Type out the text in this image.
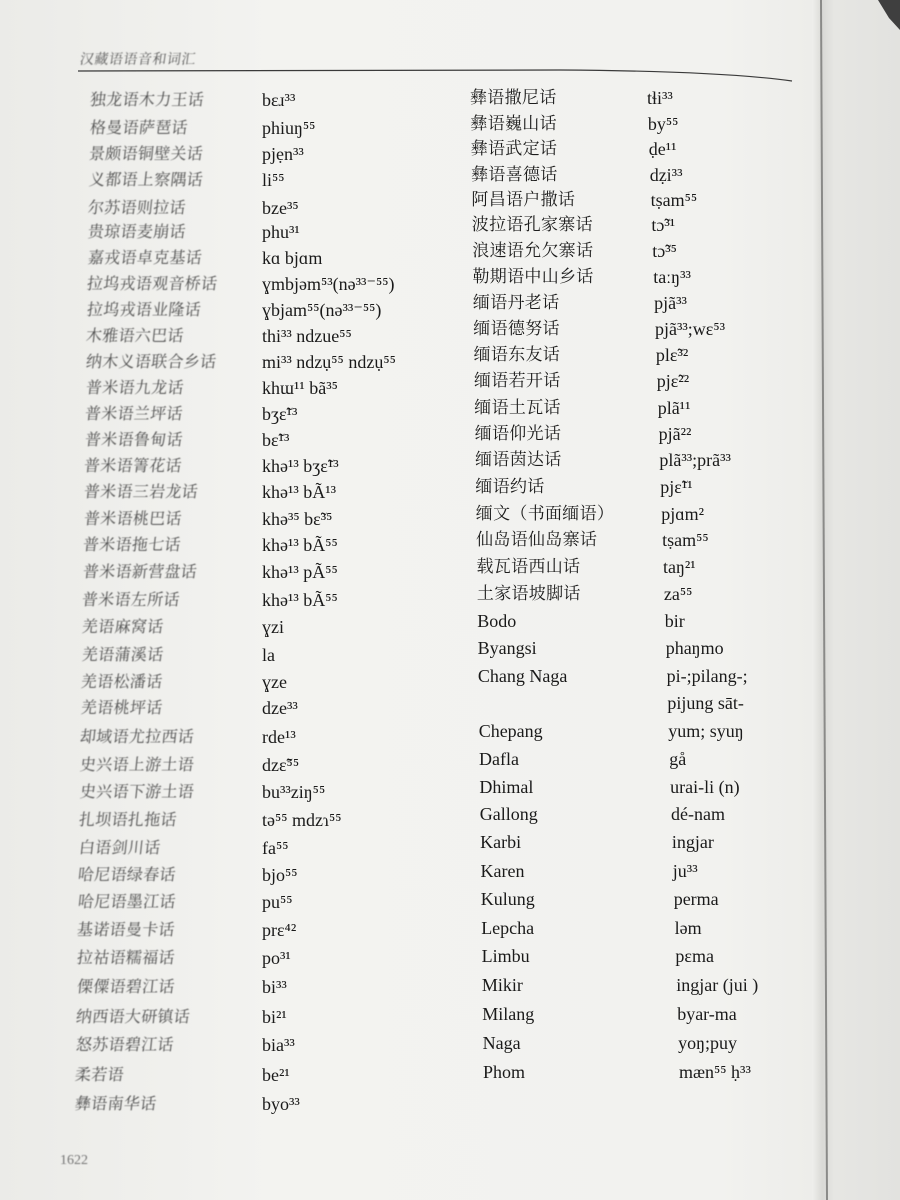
汉藏语语音和词汇
独龙语木力王话	bɛɹ³³
格曼语萨琶话	phiuŋ⁵⁵
景颇语铜壁关话	pjẹn³³
义都语上察隅话	li⁵⁵
尔苏语则拉话	bze³⁵
贵琼语麦崩话	phu³¹
嘉戎语卓克基话	kɑ bjɑm
拉坞戎语观音桥话 ɣmbjəm⁵³(nə³³⁻⁵⁵)
拉坞戎语业隆话	ɣbjam⁵⁵(nə³³⁻⁵⁵)
木雅语六巴话	thi³³ ndzue⁵⁵
纳木义语联合乡话 mi³³ ndzụ⁵⁵ ndzụ⁵⁵
普米语九龙话	khɯ¹¹ bã³⁵
普米语兰坪话	bʒɛ̃¹³
普米语鲁甸话	bɛ̃¹³
普米语箐花话	khə¹³ bʒɛ̃¹³
普米语三岩龙话	khə¹³ bÃ¹³
普米语桃巴话	khə³⁵ bɛ̃³⁵
普米语拖七话	khə¹³ bÃ⁵⁵
普米语新营盘话	khə¹³ pÃ⁵⁵
普米语左所话	khə¹³ bÃ⁵⁵
羌语麻窝话	ɣzi
羌语蒲溪话	la
羌语松潘话	ɣze
羌语桃坪话	dze³³
却域语尤拉西话	rde¹³
史兴语上游土语	dzɛ̃⁵⁵
史兴语下游土语	bu³³ziŋ⁵⁵
扎坝语扎拖话	tə⁵⁵ mdzɿ⁵⁵
白语剑川话	fa⁵⁵
哈尼语绿春话	bjo⁵⁵
哈尼语墨江话	pu⁵⁵
基诺语曼卡话	prɛ⁴²
拉祜语糯福话	po³¹
傈僳语碧江话	bi³³
纳西语大研镇话	bi²¹
怒苏语碧江话	bia³³
柔若语	be²¹
彝语南华话	byo³³
彝语撒尼话	tɬi³³
彝语巍山话	by⁵⁵
彝语武定话	ḍe¹¹
彝语喜德话	dẓi³³
阿昌语户撒话	tṣam⁵⁵
波拉语孔家寨话	tɔ̃³¹
浪速语允欠寨话	tɔ̃³⁵
勒期语中山乡话	taːŋ³³
缅语丹老话	pjã³³
缅语德努话	pjã³³;wɛ⁵³
缅语东友话	plɛ̃³²
缅语若开话	pjɛ̃²²
缅语土瓦话	plã¹¹
缅语仰光话	pjã²²
缅语茵达话	plã³³;prã³³
缅语约话	pjɛ̃¹¹
缅文（书面缅语）	pjɑm²
仙岛语仙岛寨话	tṣam⁵⁵
载瓦语西山话	taŋ²¹
土家语坡脚话	za⁵⁵
Bodo	bir
Byangsi	phaŋmo
Chang Naga	pi-;pilang-;
pijung sāt-
Chepang	yum; syuŋ
Dafla	gå
Dhimal	urai-li (n)
Gallong	dé-nam
Karbi	ingjar
Karen	ju³³
Kulung	perma
Lepcha	ləm
Limbu	pɛma
Mikir	ingjar (jui )
Milang	byar-ma
Naga	yoŋ;puy
Phom	mæn⁵⁵ ḥ³³
1622
